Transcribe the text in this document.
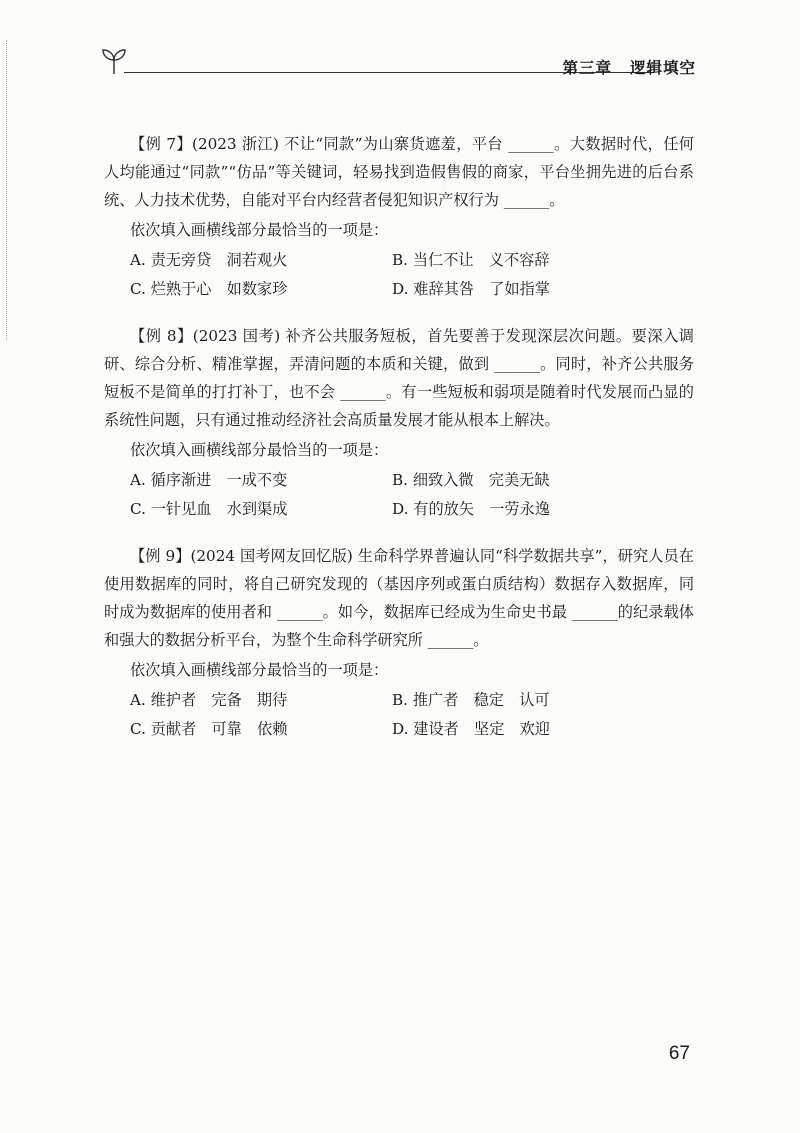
第三章 逻辑填空

【例 7】(2023 浙江) 不让“同款”为山寨货遮羞，平台 ______。大数据时代，任何人均能通过“同款”“仿品”等关键词，轻易找到造假售假的商家，平台坐拥先进的后台系统、人力技术优势，自能对平台内经营者侵犯知识产权行为 ______。

依次填入画横线部分最恰当的一项是：
A. 责无旁贷　洞若观火	B. 当仁不让　义不容辞
C. 烂熟于心　如数家珍	D. 难辞其咎　了如指掌

【例 8】(2023 国考) 补齐公共服务短板，首先要善于发现深层次问题。要深入调研、综合分析、精准掌握，弄清问题的本质和关键，做到 ______。同时，补齐公共服务短板不是简单的打打补丁，也不会 ______。有一些短板和弱项是随着时代发展而凸显的系统性问题，只有通过推动经济社会高质量发展才能从根本上解决。

依次填入画横线部分最恰当的一项是：
A. 循序渐进　一成不变	B. 细致入微　完美无缺
C. 一针见血　水到渠成	D. 有的放矢　一劳永逸

【例 9】(2024 国考网友回忆版) 生命科学界普遍认同“科学数据共享”，研究人员在使用数据库的同时，将自己研究发现的（基因序列或蛋白质结构）数据存入数据库，同时成为数据库的使用者和 ______。如今，数据库已经成为生命史书最 ______的纪录载体和强大的数据分析平台，为整个生命科学研究所 ______。

依次填入画横线部分最恰当的一项是：
A. 维护者　完备　期待	B. 推广者　稳定　认可
C. 贡献者　可靠　依赖	D. 建设者　坚定　欢迎
67
